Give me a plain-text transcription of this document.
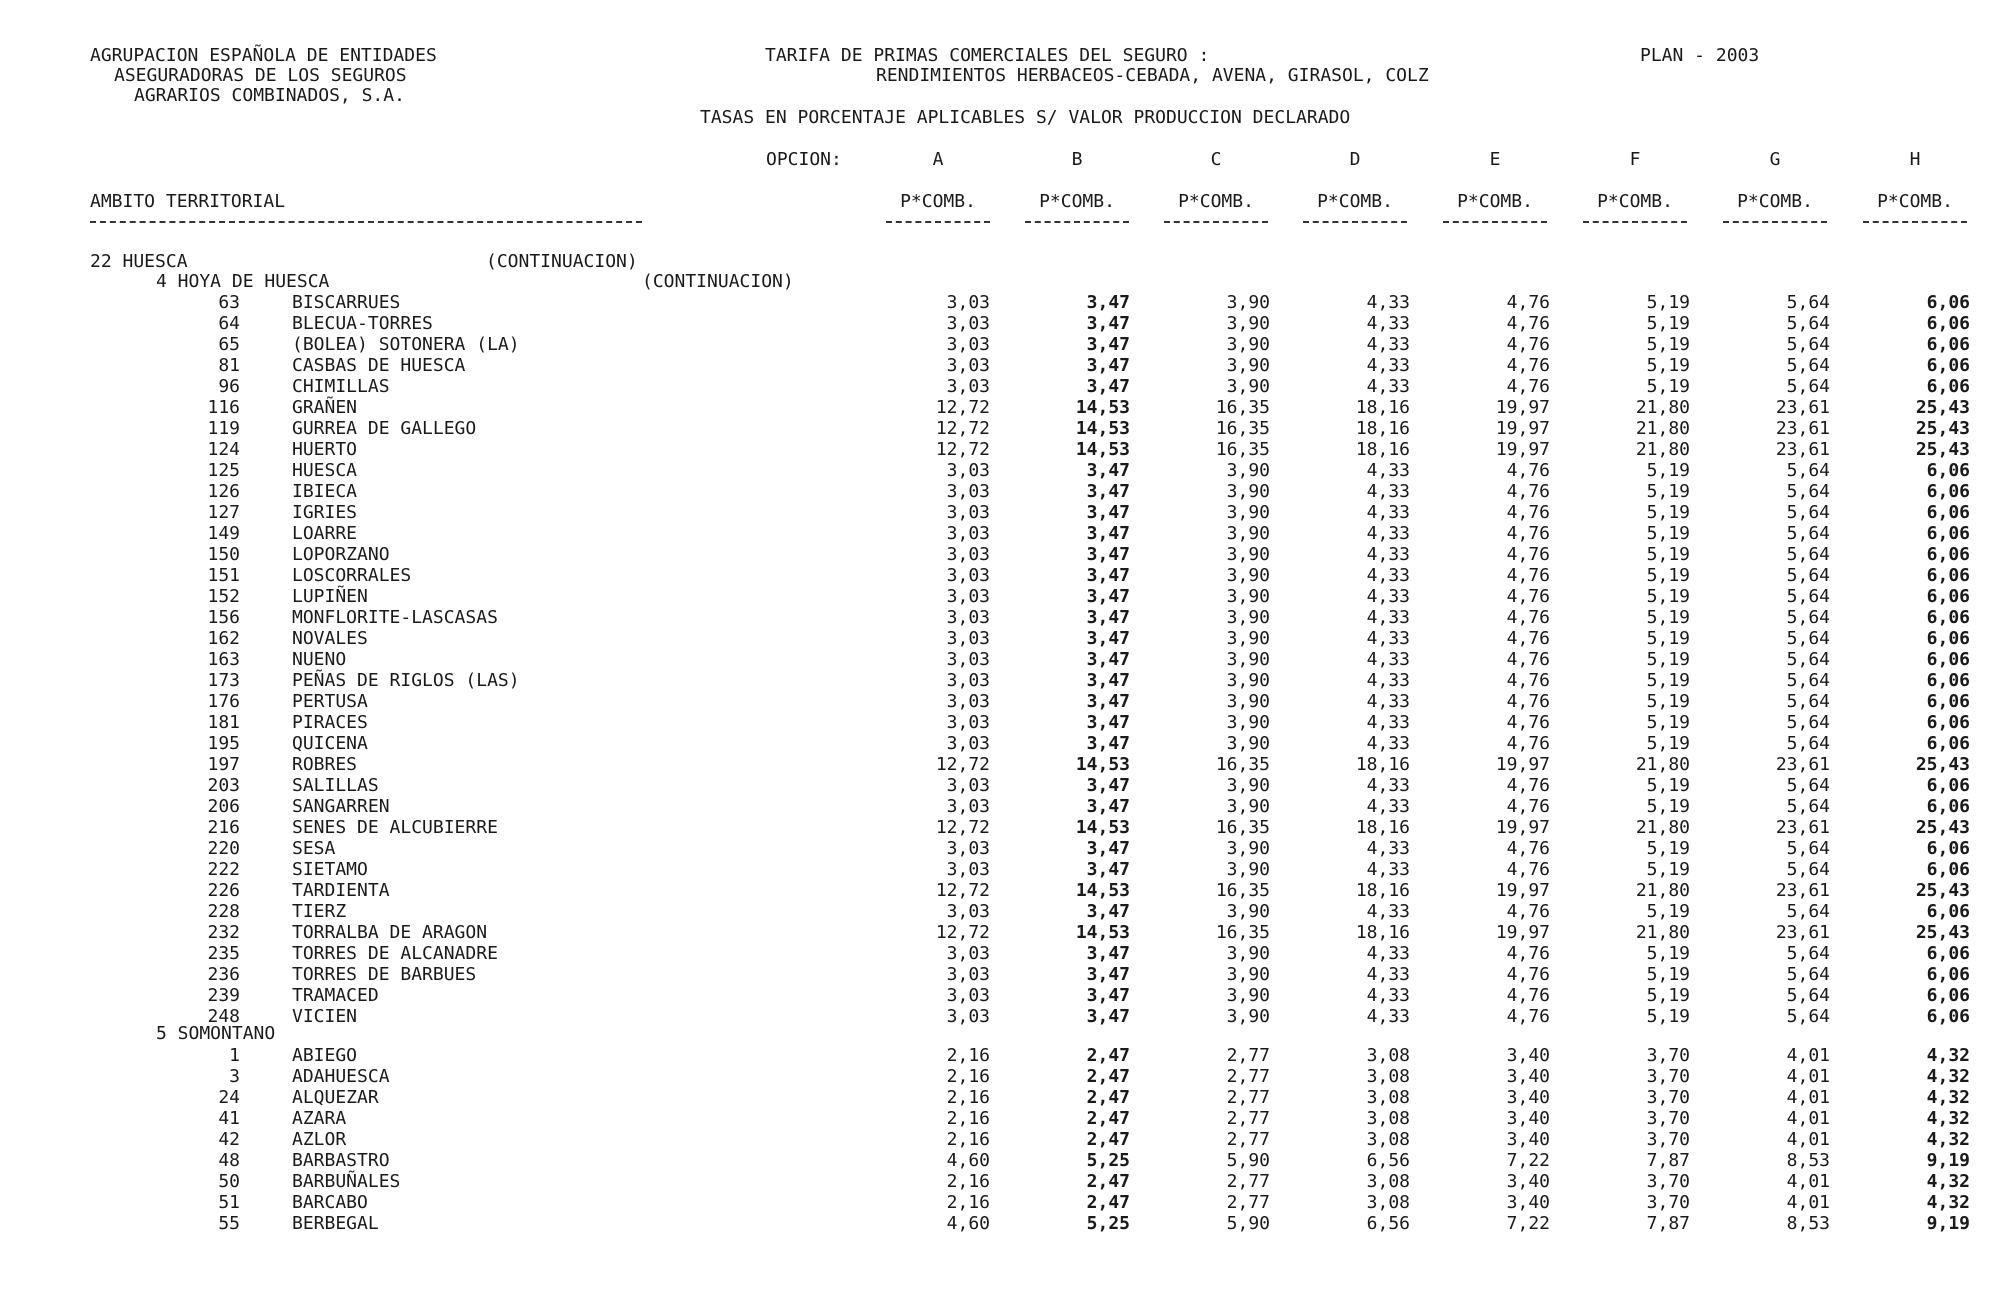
AGRUPACION ESPAÑOLA DE ENTIDADES
ASEGURADORAS DE LOS SEGUROS
AGRARIOS COMBINADOS, S.A.
TARIFA DE PRIMAS COMERCIALES DEL SEGURO :
RENDIMIENTOS HERBACEOS-CEBADA, AVENA, GIRASOL, COLZ
PLAN - 2003
TASAS EN PORCENTAJE APLICABLES S/ VALOR PRODUCCION DECLARADO
OPCION:	A	B	C	D	E	F	G	H
AMBITO TERRITORIAL	P*COMB.	P*COMB.	P*COMB.	P*COMB.	P*COMB.	P*COMB.	P*COMB.	P*COMB.
22 HUESCA	(CONTINUACION)
4 HOYA DE HUESCA	(CONTINUACION)
63	BISCARRUES	3,03	3,47	3,90	4,33	4,76	5,19	5,64	6,06
64	BLECUA-TORRES	3,03	3,47	3,90	4,33	4,76	5,19	5,64	6,06
65	(BOLEA) SOTONERA (LA)	3,03	3,47	3,90	4,33	4,76	5,19	5,64	6,06
81	CASBAS DE HUESCA	3,03	3,47	3,90	4,33	4,76	5,19	5,64	6,06
96	CHIMILLAS	3,03	3,47	3,90	4,33	4,76	5,19	5,64	6,06
116	GRAÑEN	12,72	14,53	16,35	18,16	19,97	21,80	23,61	25,43
119	GURREA DE GALLEGO	12,72	14,53	16,35	18,16	19,97	21,80	23,61	25,43
124	HUERTO	12,72	14,53	16,35	18,16	19,97	21,80	23,61	25,43
125	HUESCA	3,03	3,47	3,90	4,33	4,76	5,19	5,64	6,06
126	IBIECA	3,03	3,47	3,90	4,33	4,76	5,19	5,64	6,06
127	IGRIES	3,03	3,47	3,90	4,33	4,76	5,19	5,64	6,06
149	LOARRE	3,03	3,47	3,90	4,33	4,76	5,19	5,64	6,06
150	LOPORZANO	3,03	3,47	3,90	4,33	4,76	5,19	5,64	6,06
151	LOSCORRALES	3,03	3,47	3,90	4,33	4,76	5,19	5,64	6,06
152	LUPIÑEN	3,03	3,47	3,90	4,33	4,76	5,19	5,64	6,06
156	MONFLORITE-LASCASAS	3,03	3,47	3,90	4,33	4,76	5,19	5,64	6,06
162	NOVALES	3,03	3,47	3,90	4,33	4,76	5,19	5,64	6,06
163	NUENO	3,03	3,47	3,90	4,33	4,76	5,19	5,64	6,06
173	PEÑAS DE RIGLOS (LAS)	3,03	3,47	3,90	4,33	4,76	5,19	5,64	6,06
176	PERTUSA	3,03	3,47	3,90	4,33	4,76	5,19	5,64	6,06
181	PIRACES	3,03	3,47	3,90	4,33	4,76	5,19	5,64	6,06
195	QUICENA	3,03	3,47	3,90	4,33	4,76	5,19	5,64	6,06
197	ROBRES	12,72	14,53	16,35	18,16	19,97	21,80	23,61	25,43
203	SALILLAS	3,03	3,47	3,90	4,33	4,76	5,19	5,64	6,06
206	SANGARREN	3,03	3,47	3,90	4,33	4,76	5,19	5,64	6,06
216	SENES DE ALCUBIERRE	12,72	14,53	16,35	18,16	19,97	21,80	23,61	25,43
220	SESA	3,03	3,47	3,90	4,33	4,76	5,19	5,64	6,06
222	SIETAMO	3,03	3,47	3,90	4,33	4,76	5,19	5,64	6,06
226	TARDIENTA	12,72	14,53	16,35	18,16	19,97	21,80	23,61	25,43
228	TIERZ	3,03	3,47	3,90	4,33	4,76	5,19	5,64	6,06
232	TORRALBA DE ARAGON	12,72	14,53	16,35	18,16	19,97	21,80	23,61	25,43
235	TORRES DE ALCANADRE	3,03	3,47	3,90	4,33	4,76	5,19	5,64	6,06
236	TORRES DE BARBUES	3,03	3,47	3,90	4,33	4,76	5,19	5,64	6,06
239	TRAMACED	3,03	3,47	3,90	4,33	4,76	5,19	5,64	6,06
248	VICIEN	3,03	3,47	3,90	4,33	4,76	5,19	5,64	6,06
5 SOMONTANO
1	ABIEGO	2,16	2,47	2,77	3,08	3,40	3,70	4,01	4,32
3	ADAHUESCA	2,16	2,47	2,77	3,08	3,40	3,70	4,01	4,32
24	ALQUEZAR	2,16	2,47	2,77	3,08	3,40	3,70	4,01	4,32
41	AZARA	2,16	2,47	2,77	3,08	3,40	3,70	4,01	4,32
42	AZLOR	2,16	2,47	2,77	3,08	3,40	3,70	4,01	4,32
48	BARBASTRO	4,60	5,25	5,90	6,56	7,22	7,87	8,53	9,19
50	BARBUÑALES	2,16	2,47	2,77	3,08	3,40	3,70	4,01	4,32
51	BARCABO	2,16	2,47	2,77	3,08	3,40	3,70	4,01	4,32
55	BERBEGAL	4,60	5,25	5,90	6,56	7,22	7,87	8,53	9,19
